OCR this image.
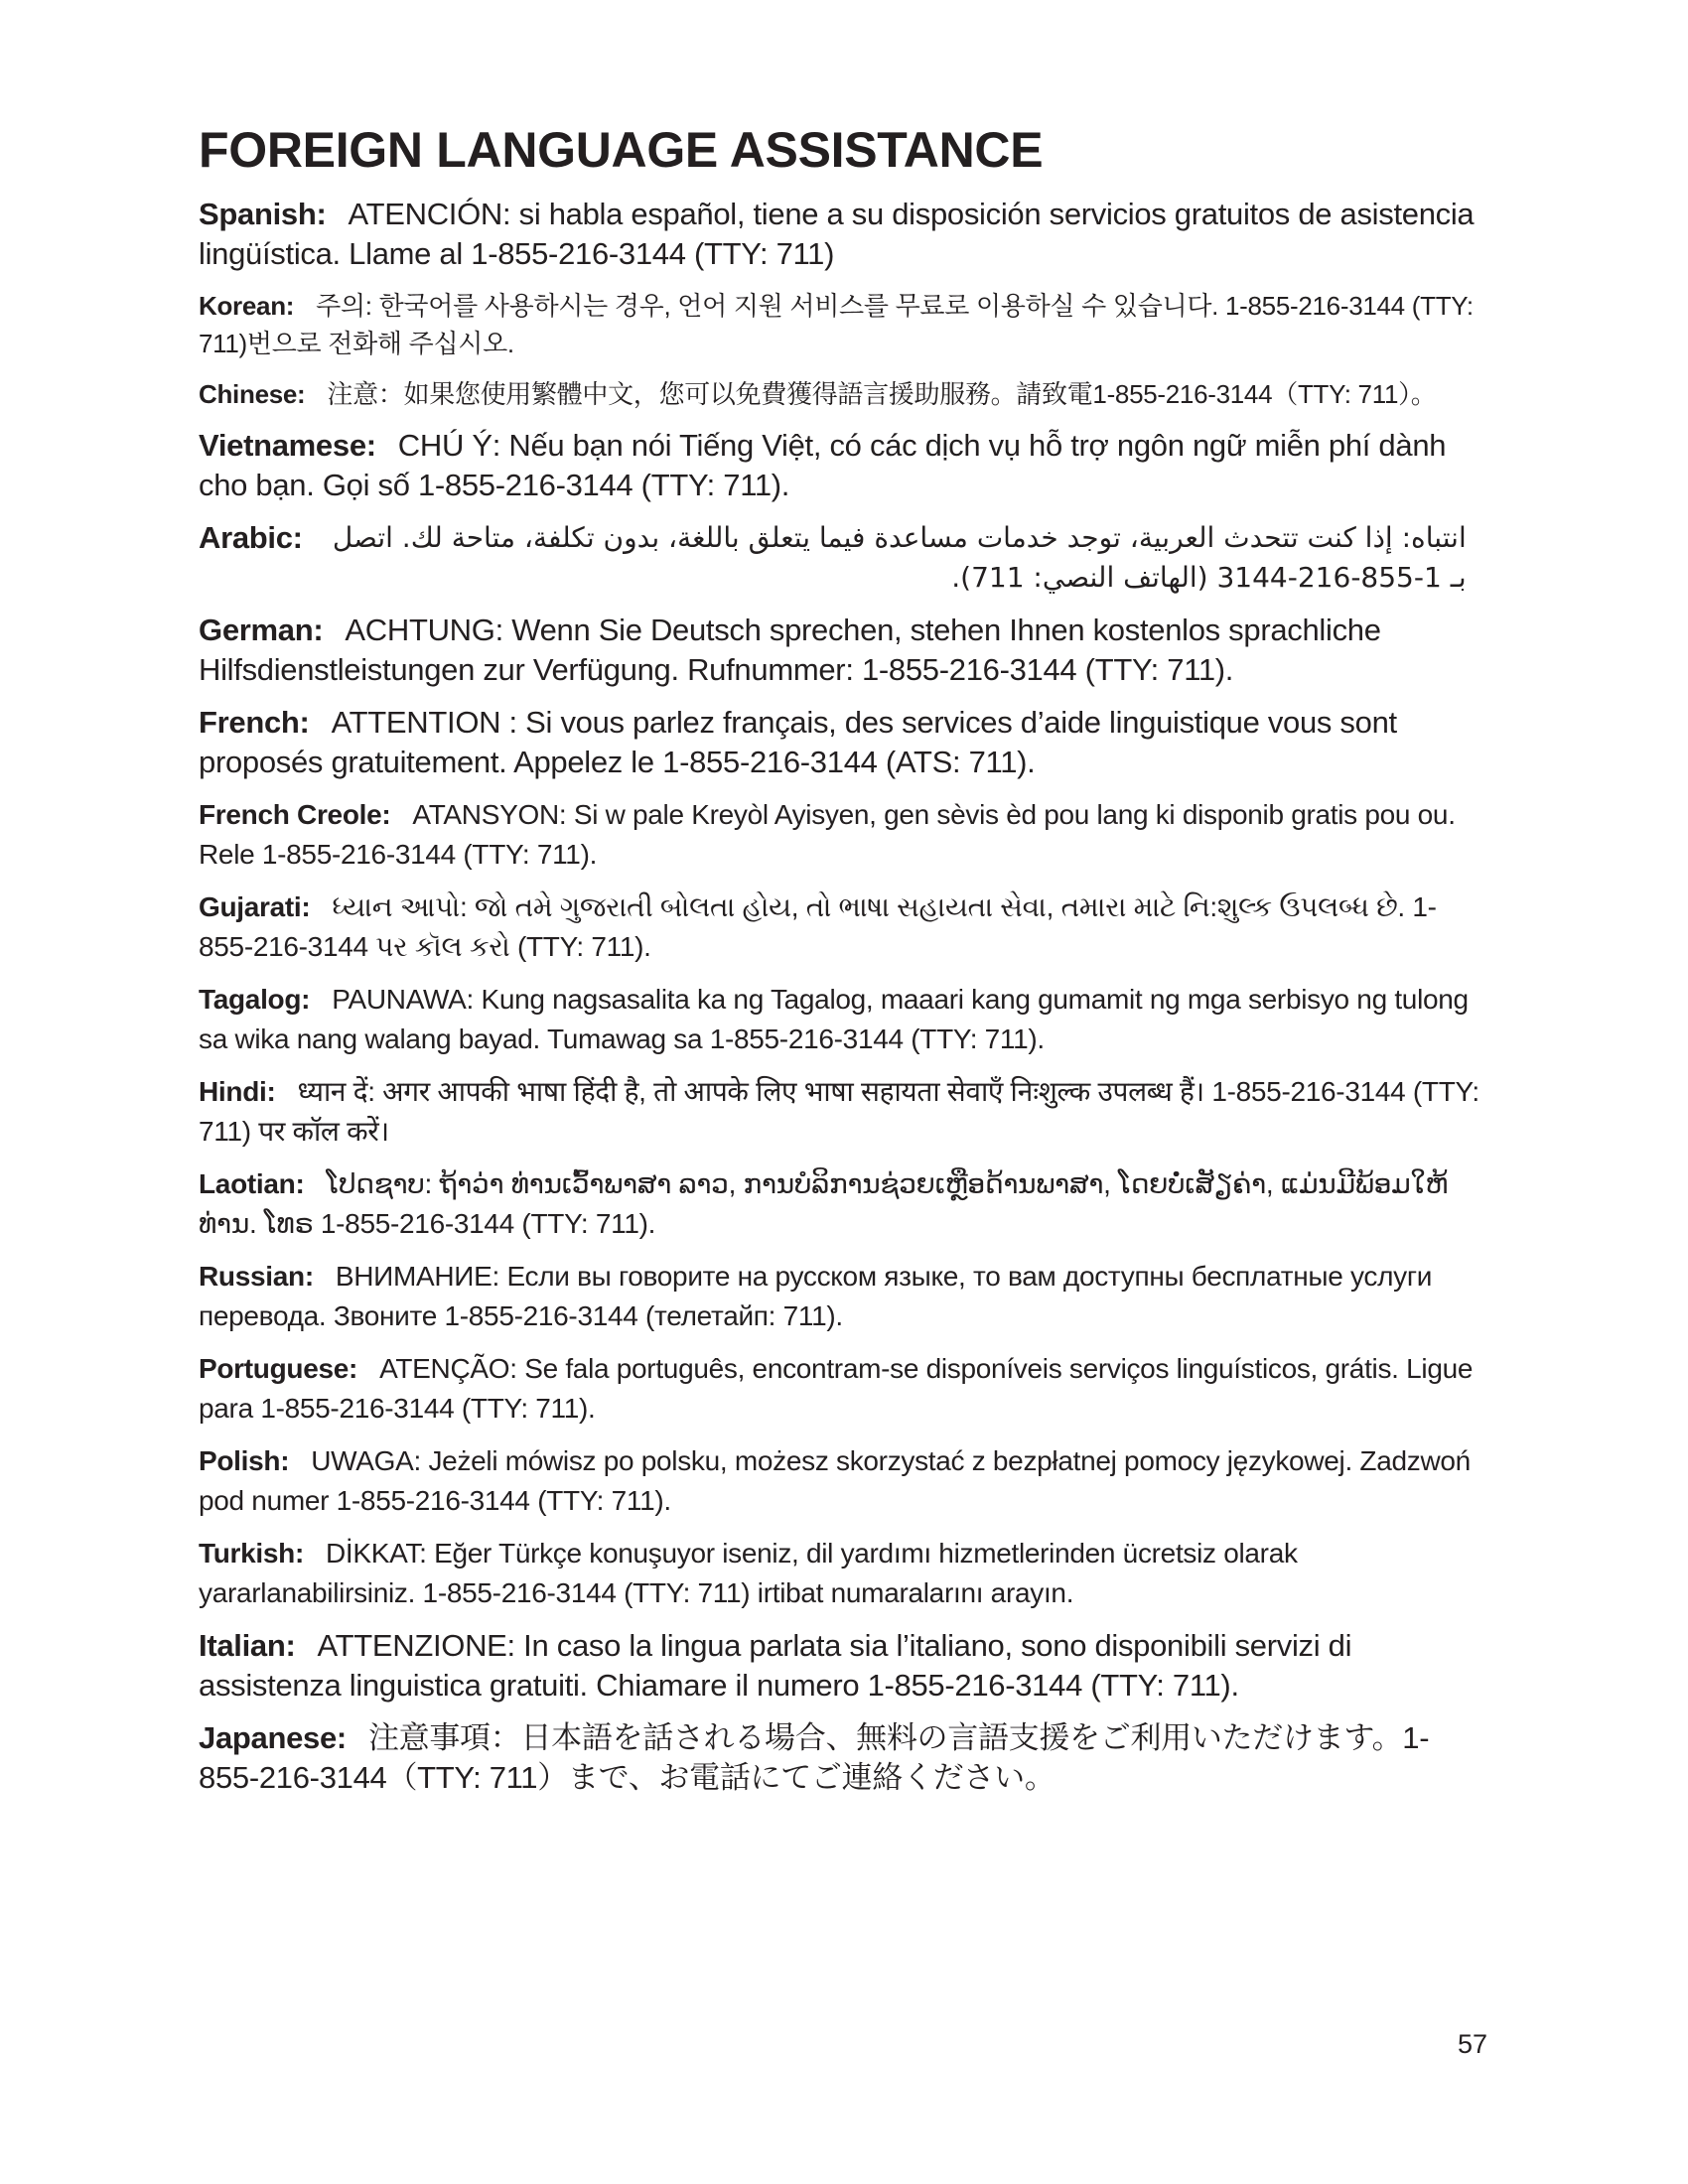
FOREIGN LANGUAGE ASSISTANCE

Spanish: ATENCIÓN: si habla español, tiene a su disposición servicios gratuitos de asistencia lingüística. Llame al 1-855-216-3144 (TTY: 711)

Korean: 주의: 한국어를 사용하시는 경우, 언어 지원 서비스를 무료로 이용하실 수 있습니다. 1-855-216-3144 (TTY: 711)번으로 전화해 주십시오.

Chinese: 注意：如果您使用繁體中文，您可以免費獲得語言援助服務。請致電1-855-216-3144（TTY: 711）。

Vietnamese: CHÚ Ý: Nếu bạn nói Tiếng Việt, có các dịch vụ hỗ trợ ngôn ngữ miễn phí dành cho bạn. Gọi số 1-855-216-3144 (TTY: 711).

Arabic: انتباه: إذا كنت تتحدث العربية، توجد خدمات مساعدة فيما يتعلق باللغة، بدون تكلفة، متاحة لك. اتصل بـ 1-855-216-3144 (الهاتف النصي: 711).

German: ACHTUNG: Wenn Sie Deutsch sprechen, stehen Ihnen kostenlos sprachliche Hilfsdienstleistungen zur Verfügung. Rufnummer: 1-855-216-3144 (TTY: 711).

French: ATTENTION : Si vous parlez français, des services d’aide linguistique vous sont proposés gratuitement. Appelez le 1-855-216-3144 (ATS: 711).

French Creole: ATANSYON: Si w pale Kreyòl Ayisyen, gen sèvis èd pou lang ki disponib gratis pou ou. Rele 1-855-216-3144 (TTY: 711).

Gujarati: ધ્યાન આપો: જો તમે ગુજરાતી બોલતા હોય, તો ભાષા સહાયતા સેવા, તમારા માટે નિ:શુલ્ક ઉપલબ્ધ છે. 1-855-216-3144 પર કૉલ કરો (TTY: 711).

Tagalog: PAUNAWA: Kung nagsasalita ka ng Tagalog, maaari kang gumamit ng mga serbisyo ng tulong sa wika nang walang bayad. Tumawag sa 1-855-216-3144 (TTY: 711).

Hindi: ध्यान दें: अगर आपकी भाषा हिंदी है, तो आपके लिए भाषा सहायता सेवाएँ निःशुल्क उपलब्ध हैं। 1-855-216-3144 (TTY: 711) पर कॉल करें।

Laotian: ໂປດຊາບ: ຖ້າວ່າ ທ່ານເວົ້າພາສາ ລາວ, ການບໍລິການຊ່ວຍເຫຼືອດ້ານພາສາ, ໂດຍບໍ່ເສັຽຄ່າ, ແມ່ນມີພ້ອມໃຫ້ທ່ານ. ໂທຣ 1-855-216-3144 (TTY: 711).

Russian: ВНИМАНИЕ: Если вы говорите на русском языке, то вам доступны бесплатные услуги перевода. Звоните 1-855-216-3144 (телетайп: 711).

Portuguese: ATENÇÃO: Se fala português, encontram-se disponíveis serviços linguísticos, grátis. Ligue para 1-855-216-3144 (TTY: 711).

Polish: UWAGA: Jeżeli mówisz po polsku, możesz skorzystać z bezpłatnej pomocy językowej. Zadzwoń pod numer 1-855-216-3144 (TTY: 711).

Turkish: DİKKAT: Eğer Türkçe konuşuyor iseniz, dil yardımı hizmetlerinden ücretsiz olarak yararlanabilirsiniz. 1-855-216-3144 (TTY: 711) irtibat numaralarını arayın.

Italian: ATTENZIONE: In caso la lingua parlata sia l’italiano, sono disponibili servizi di assistenza linguistica gratuiti. Chiamare il numero 1-855-216-3144 (TTY: 711).

Japanese: 注意事項：日本語を話される場合、無料の言語支援をご利用いただけます。1-855-216-3144（TTY: 711）まで、お電話にてご連絡ください。

57
